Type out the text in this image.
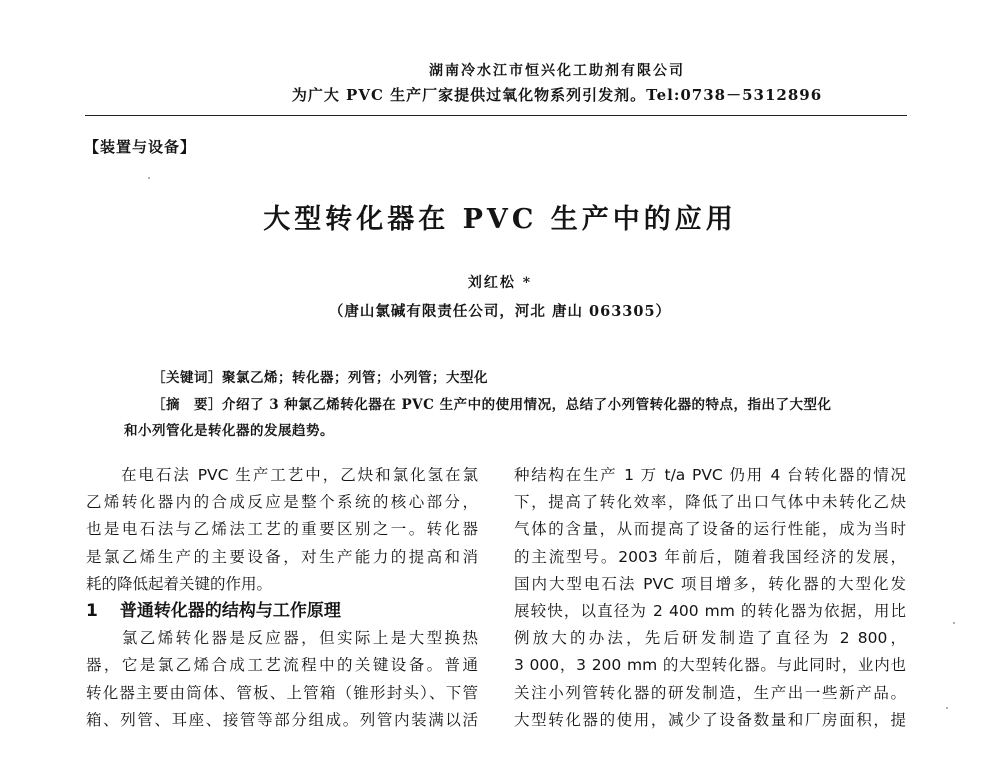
湖南冷水江市恒兴化工助剂有限公司
为广大 PVC 生产厂家提供过氧化物系列引发剂。Tel:0738－5312896
【装置与设备】
大型转化器在 PVC 生产中的应用
刘红松 *
（唐山氯碱有限责任公司，河北 唐山 063305）
［关键词］聚氯乙烯；转化器；列管；小列管；大型化
［摘　要］介绍了 3 种氯乙烯转化器在 PVC 生产中的使用情况，总结了小列管转化器的特点，指出了大型化
和小列管化是转化器的发展趋势。
　　在电石法 PVC 生产工艺中，乙炔和氯化氢在氯
乙烯转化器内的合成反应是整个系统的核心部分，
也是电石法与乙烯法工艺的重要区别之一。转化器
是氯乙烯生产的主要设备，对生产能力的提高和消
耗的降低起着关键的作用。
1 普通转化器的结构与工作原理
　　氯乙烯转化器是反应器，但实际上是大型换热
器，它是氯乙烯合成工艺流程中的关键设备。普通
转化器主要由筒体、管板、上管箱（锥形封头）、下管
箱、列管、耳座、接管等部分组成。列管内装满以活
种结构在生产 1 万 t/a PVC 仍用 4 台转化器的情况
下，提高了转化效率，降低了出口气体中未转化乙炔
气体的含量，从而提高了设备的运行性能，成为当时
的主流型号。2003 年前后，随着我国经济的发展，
国内大型电石法 PVC 项目增多，转化器的大型化发
展较快，以直径为 2 400 mm 的转化器为依据，用比
例放大的办法，先后研发制造了直径为 2 800，
3 000，3 200 mm 的大型转化器。与此同时，业内也
关注小列管转化器的研发制造，生产出一些新产品。
大型转化器的使用，减少了设备数量和厂房面积，提
